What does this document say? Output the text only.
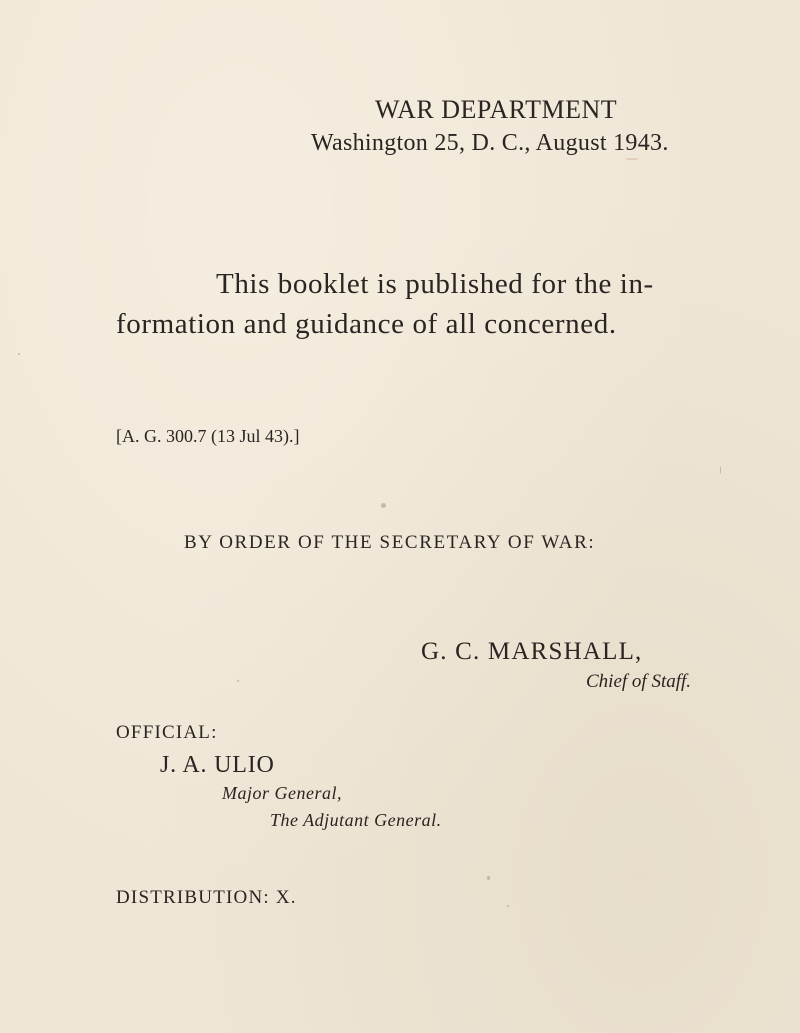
WAR DEPARTMENT
Washington 25, D. C., August 1943.
This booklet is published for the in-
formation and guidance of all concerned.
[A. G. 300.7 (13 Jul 43).]
BY ORDER OF THE SECRETARY OF WAR:
G. C. MARSHALL,
Chief of Staff.
OFFICIAL:
J. A. ULIO
Major General,
The Adjutant General.
DISTRIBUTION: X.
